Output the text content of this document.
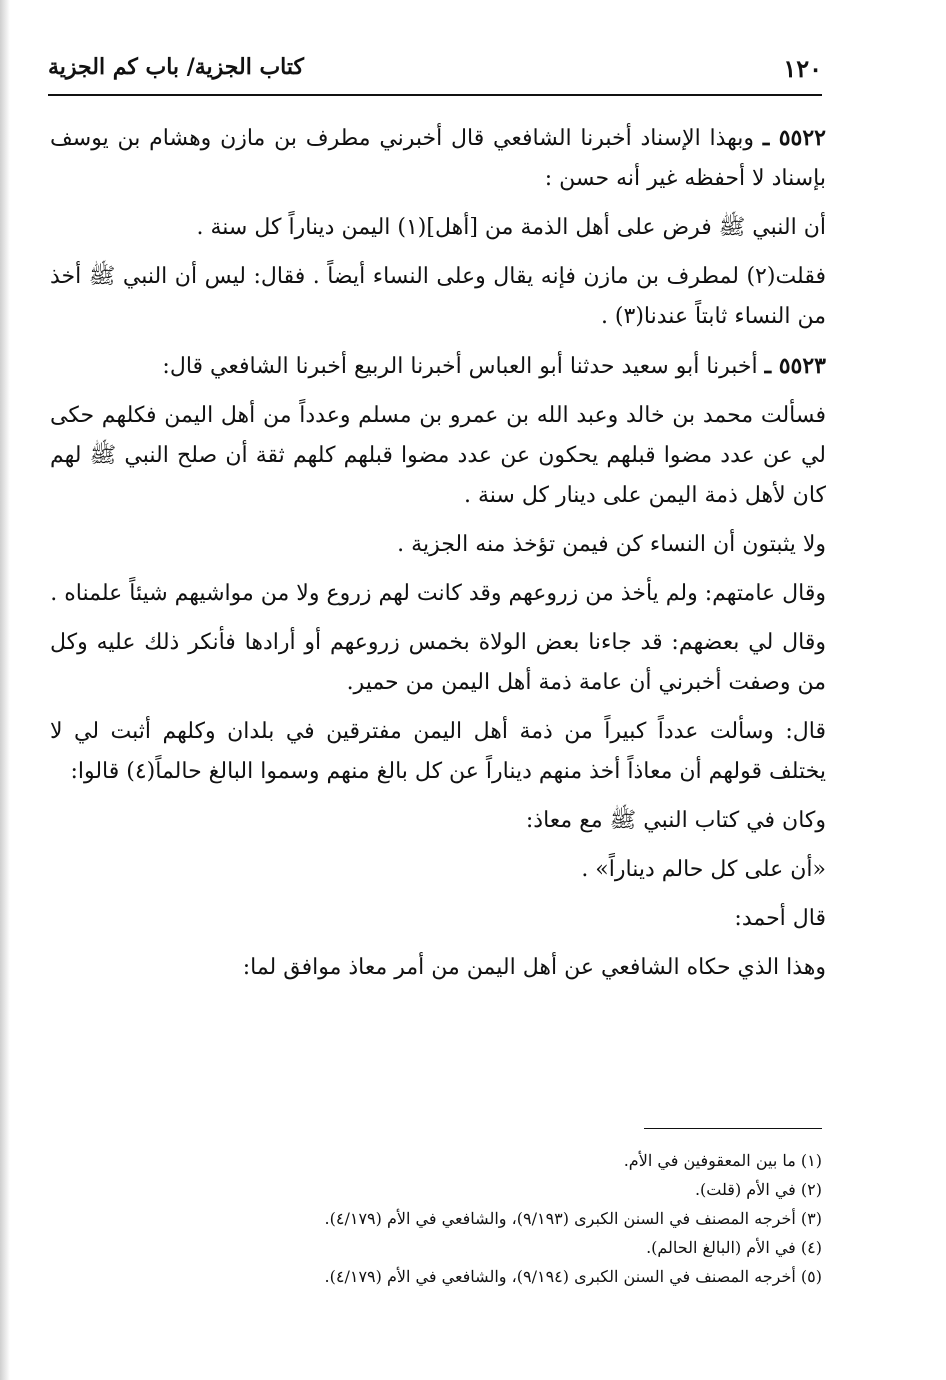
١٢٠
كتاب الجزية/ باب كم الجزية

٥٥٢٢ ـ وبهذا الإسناد أخبرنا الشافعي قال أخبرني مطرف بن مازن وهشام بن يوسف بإسناد لا أحفظه غير أنه حسن :

أن النبي ﷺ فرض على أهل الذمة من [أهل](١) اليمن ديناراً كل سنة .

فقلت(٢) لمطرف بن مازن فإنه يقال وعلى النساء أيضاً . فقال: ليس أن النبي ﷺ أخذ من النساء ثابتاً عندنا(٣) .

٥٥٢٣ ـ أخبرنا أبو سعيد حدثنا أبو العباس أخبرنا الربيع أخبرنا الشافعي قال:

فسألت محمد بن خالد وعبد الله بن عمرو بن مسلم وعدداً من أهل اليمن فكلهم حكى لي عن عدد مضوا قبلهم يحكون عن عدد مضوا قبلهم كلهم ثقة أن صلح النبي ﷺ لهم كان لأهل ذمة اليمن على دينار كل سنة .

ولا يثبتون أن النساء كن فيمن تؤخذ منه الجزية .

وقال عامتهم: ولم يأخذ من زروعهم وقد كانت لهم زروع ولا من مواشيهم شيئاً علمناه .

وقال لي بعضهم: قد جاءنا بعض الولاة بخمس زروعهم أو أرادها فأنكر ذلك عليه وكل من وصفت أخبرني أن عامة ذمة أهل اليمن من حمير.

قال: وسألت عدداً كبيراً من ذمة أهل اليمن مفترقين في بلدان وكلهم أثبت لي لا يختلف قولهم أن معاذاً أخذ منهم ديناراً عن كل بالغ منهم وسموا البالغ حالماً(٤) قالوا:

وكان في كتاب النبي ﷺ مع معاذ:

«أن على كل حالم ديناراً» .

قال أحمد:

وهذا الذي حكاه الشافعي عن أهل اليمن من أمر معاذ موافق لما:

(١) ما بين المعقوفين في الأم.

(٢) في الأم (قلت).

(٣) أخرجه المصنف في السنن الكبرى (٩/١٩٣)، والشافعي في الأم (٤/١٧٩).

(٤) في الأم (البالغ الحالم).

(٥) أخرجه المصنف في السنن الكبرى (٩/١٩٤)، والشافعي في الأم (٤/١٧٩).
